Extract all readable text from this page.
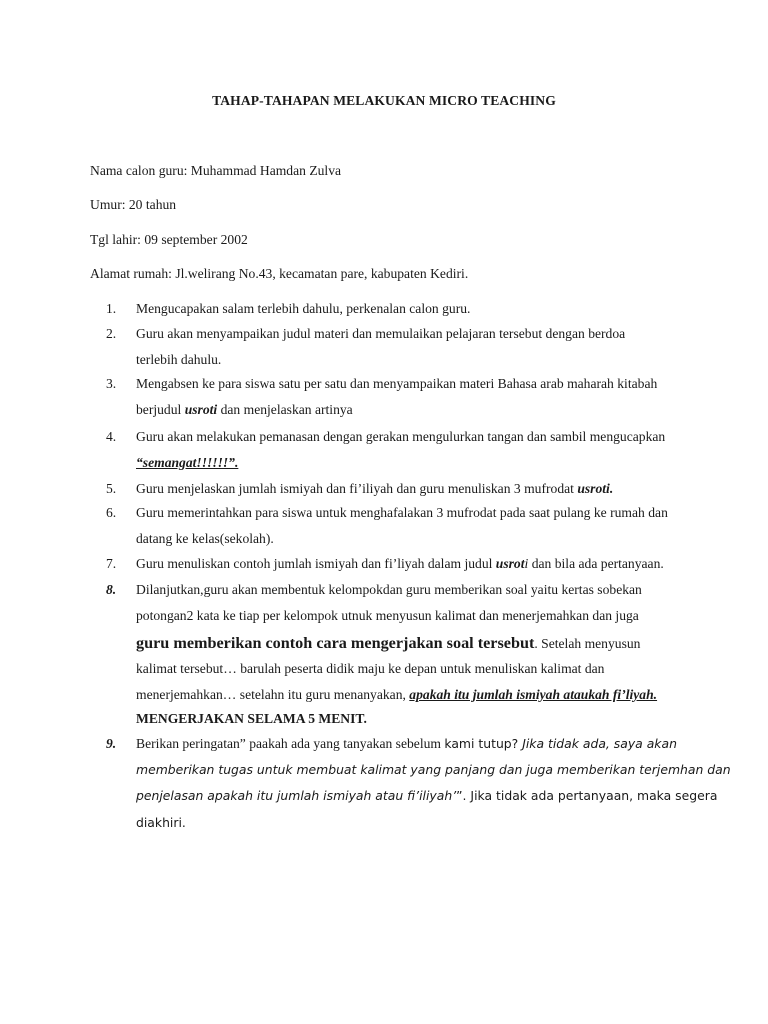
TAHAP-TAHAPAN MELAKUKAN MICRO TEACHING
Nama calon guru: Muhammad Hamdan Zulva
Umur: 20 tahun
Tgl lahir: 09 september 2002
Alamat rumah: Jl.welirang No.43, kecamatan pare, kabupaten Kediri.
1.	Mengucapakan salam terlebih dahulu, perkenalan calon guru.
2.	Guru akan menyampaikan judul materi dan memulaikan pelajaran tersebut dengan berdoa
terlebih dahulu.
3.	Mengabsen ke para siswa satu per satu dan menyampaikan materi Bahasa arab maharah kitabah
berjudul usroti dan menjelaskan artinya
4.	Guru akan melakukan pemanasan dengan gerakan mengulurkan tangan dan sambil mengucapkan
“semangat!!!!!!”.
5.	Guru menjelaskan jumlah ismiyah dan fi’iliyah dan guru menuliskan 3 mufrodat usroti.
6.	Guru memerintahkan para siswa untuk menghafalakan 3 mufrodat pada saat pulang ke rumah dan
datang ke kelas(sekolah).
7.	Guru menuliskan contoh jumlah ismiyah dan fi’liyah dalam judul usroti dan bila ada pertanyaan.
8.	Dilanjutkan,guru akan membentuk kelompokdan guru memberikan soal yaitu kertas sobekan
potongan2 kata ke tiap per kelompok utnuk menyusun kalimat dan menerjemahkan dan juga
guru memberikan contoh cara mengerjakan soal tersebut. Setelah menyusun
kalimat tersebut… barulah peserta didik maju ke depan untuk menuliskan kalimat dan
menerjemahkan… setelahn itu guru menanyakan, apakah itu jumlah ismiyah ataukah fi’liyah.
MENGERJAKAN SELAMA 5 MENIT.
9.	Berikan peringatan” paakah ada yang tanyakan sebelum kami tutup? Jika tidak ada, saya akan
memberikan tugas untuk membuat kalimat yang panjang dan juga memberikan terjemhan dan
penjelasan apakah itu jumlah ismiyah atau fi’iliyah’”. Jika tidak ada pertanyaan, maka segera
diakhiri.
